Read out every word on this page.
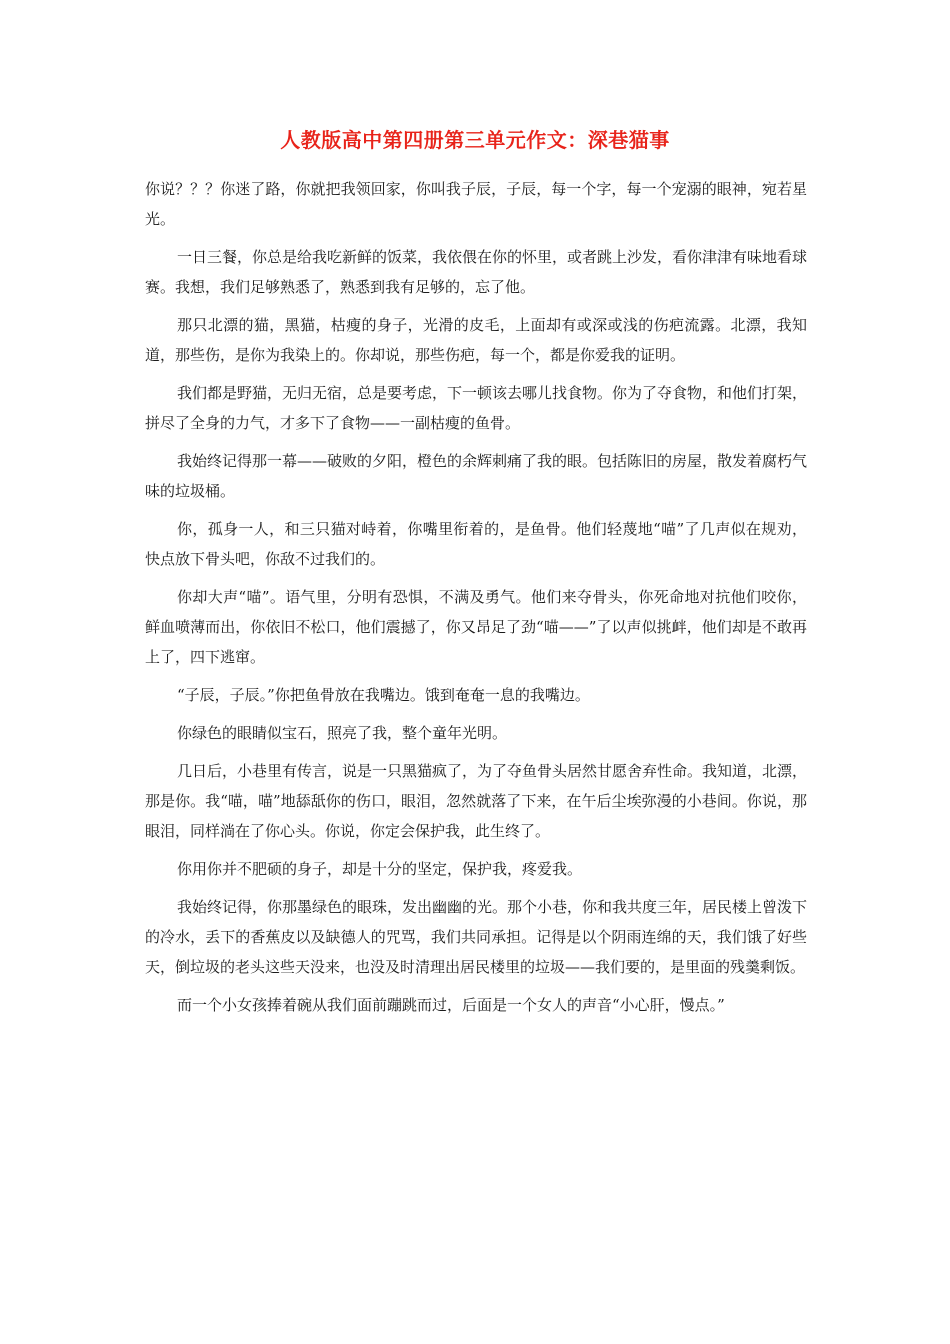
人教版高中第四册第三单元作文：深巷猫事

你说？？？你迷了路，你就把我领回家，你叫我子辰，子辰，每一个字，每一个宠溺的眼神，宛若星光。

一日三餐，你总是给我吃新鲜的饭菜，我依偎在你的怀里，或者跳上沙发，看你津津有味地看球赛。我想，我们足够熟悉了，熟悉到我有足够的，忘了他。

那只北漂的猫，黑猫，枯瘦的身子，光滑的皮毛，上面却有或深或浅的伤疤流露。北漂，我知道，那些伤，是你为我染上的。你却说，那些伤疤，每一个，都是你爱我的证明。

我们都是野猫，无归无宿，总是要考虑，下一顿该去哪儿找食物。你为了夺食物，和他们打架，拼尽了全身的力气，才多下了食物——一副枯瘦的鱼骨。

我始终记得那一幕——破败的夕阳，橙色的余辉刺痛了我的眼。包括陈旧的房屋，散发着腐朽气味的垃圾桶。

你，孤身一人，和三只猫对峙着，你嘴里衔着的，是鱼骨。他们轻蔑地“喵”了几声似在规劝，快点放下骨头吧，你敌不过我们的。

你却大声“喵”。语气里，分明有恐惧，不满及勇气。他们来夺骨头，你死命地对抗他们咬你，鲜血喷薄而出，你依旧不松口，他们震撼了，你又昂足了劲“喵——”了以声似挑衅，他们却是不敢再上了，四下逃窜。

“子辰，子辰。”你把鱼骨放在我嘴边。饿到奄奄一息的我嘴边。

你绿色的眼睛似宝石，照亮了我，整个童年光明。

几日后，小巷里有传言，说是一只黑猫疯了，为了夺鱼骨头居然甘愿舍弃性命。我知道，北漂，那是你。我“喵，喵”地舔舐你的伤口，眼泪，忽然就落了下来，在午后尘埃弥漫的小巷间。你说，那眼泪，同样淌在了你心头。你说，你定会保护我，此生终了。

你用你并不肥硕的身子，却是十分的坚定，保护我，疼爱我。

我始终记得，你那墨绿色的眼珠，发出幽幽的光。那个小巷，你和我共度三年，居民楼上曾泼下的冷水，丢下的香蕉皮以及缺德人的咒骂，我们共同承担。记得是以个阴雨连绵的天，我们饿了好些天，倒垃圾的老头这些天没来，也没及时清理出居民楼里的垃圾——我们要的，是里面的残羹剩饭。

而一个小女孩捧着碗从我们面前蹦跳而过，后面是一个女人的声音“小心肝，慢点。”
